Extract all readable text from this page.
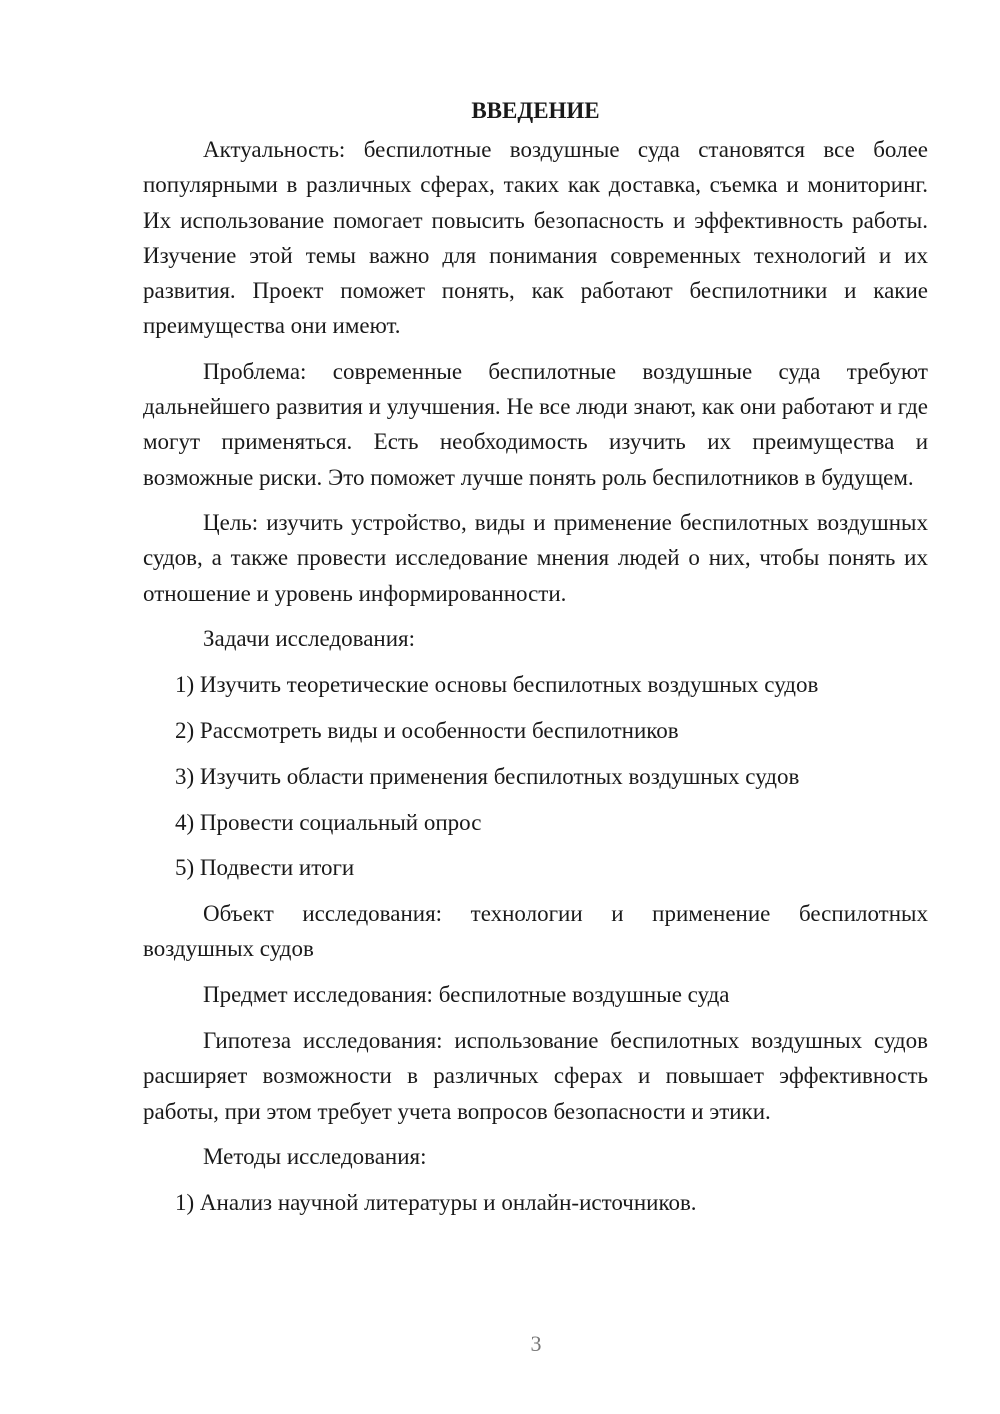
ВВЕДЕНИЕ

Актуальность: беспилотные воздушные суда становятся все более популярными в различных сферах, таких как доставка, съемка и мониторинг. Их использование помогает повысить безопасность и эффективность работы. Изучение этой темы важно для понимания современных технологий и их развития. Проект поможет понять, как работают беспилотники и какие преимущества они имеют.

Проблема: современные беспилотные воздушные суда требуют дальнейшего развития и улучшения. Не все люди знают, как они работают и где могут применяться. Есть необходимость изучить их преимущества и возможные риски. Это поможет лучше понять роль беспилотников в будущем.

Цель: изучить устройство, виды и применение беспилотных воздушных судов, а также провести исследование мнения людей о них, чтобы понять их отношение и уровень информированности.

Задачи исследования:

1) Изучить теоретические основы беспилотных воздушных судов
2) Рассмотреть виды и особенности беспилотников
3) Изучить области применения беспилотных воздушных судов
4) Провести социальный опрос
5) Подвести итоги

Объект исследования: технологии и применение беспилотных воздушных судов

Предмет исследования: беспилотные воздушные суда

Гипотеза исследования: использование беспилотных воздушных судов расширяет возможности в различных сферах и повышает эффективность работы, при этом требует учета вопросов безопасности и этики.

Методы исследования:

1) Анализ научной литературы и онлайн-источников.
3
